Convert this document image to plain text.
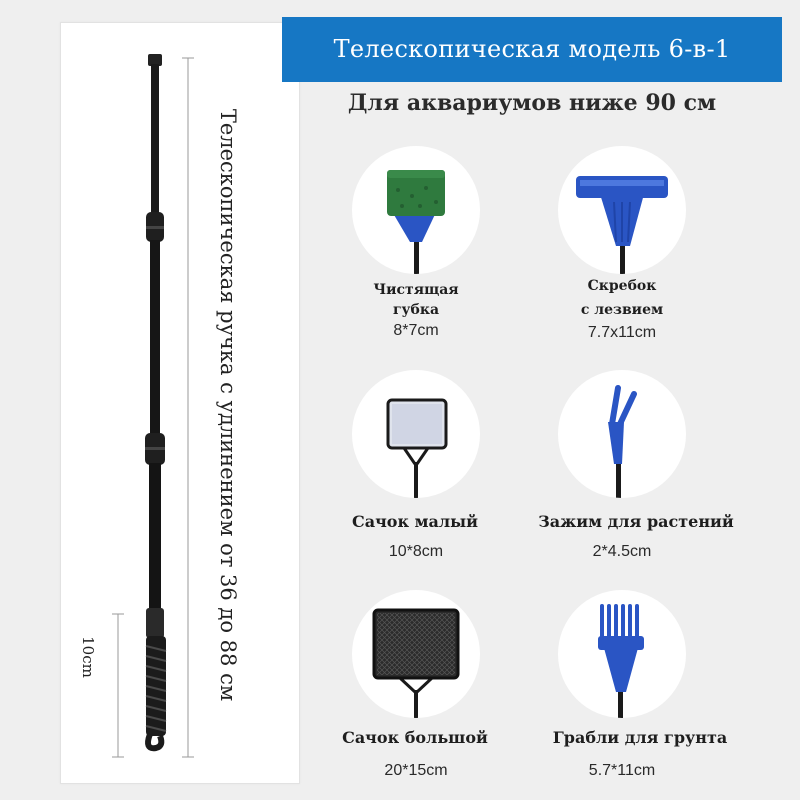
Телескопическая ручка с удлинением от 36 до 88 см
10cm
Телескопическая модель 6-в-1
Для аквариумов ниже 90 см
Чистящая
губка
8*7cm
Скребок
с лезвием
7.7x11cm
Сачок малый
10*8cm
Зажим для растений
2*4.5cm
Сачок большой
20*15cm
Грабли для грунта
5.7*11cm
